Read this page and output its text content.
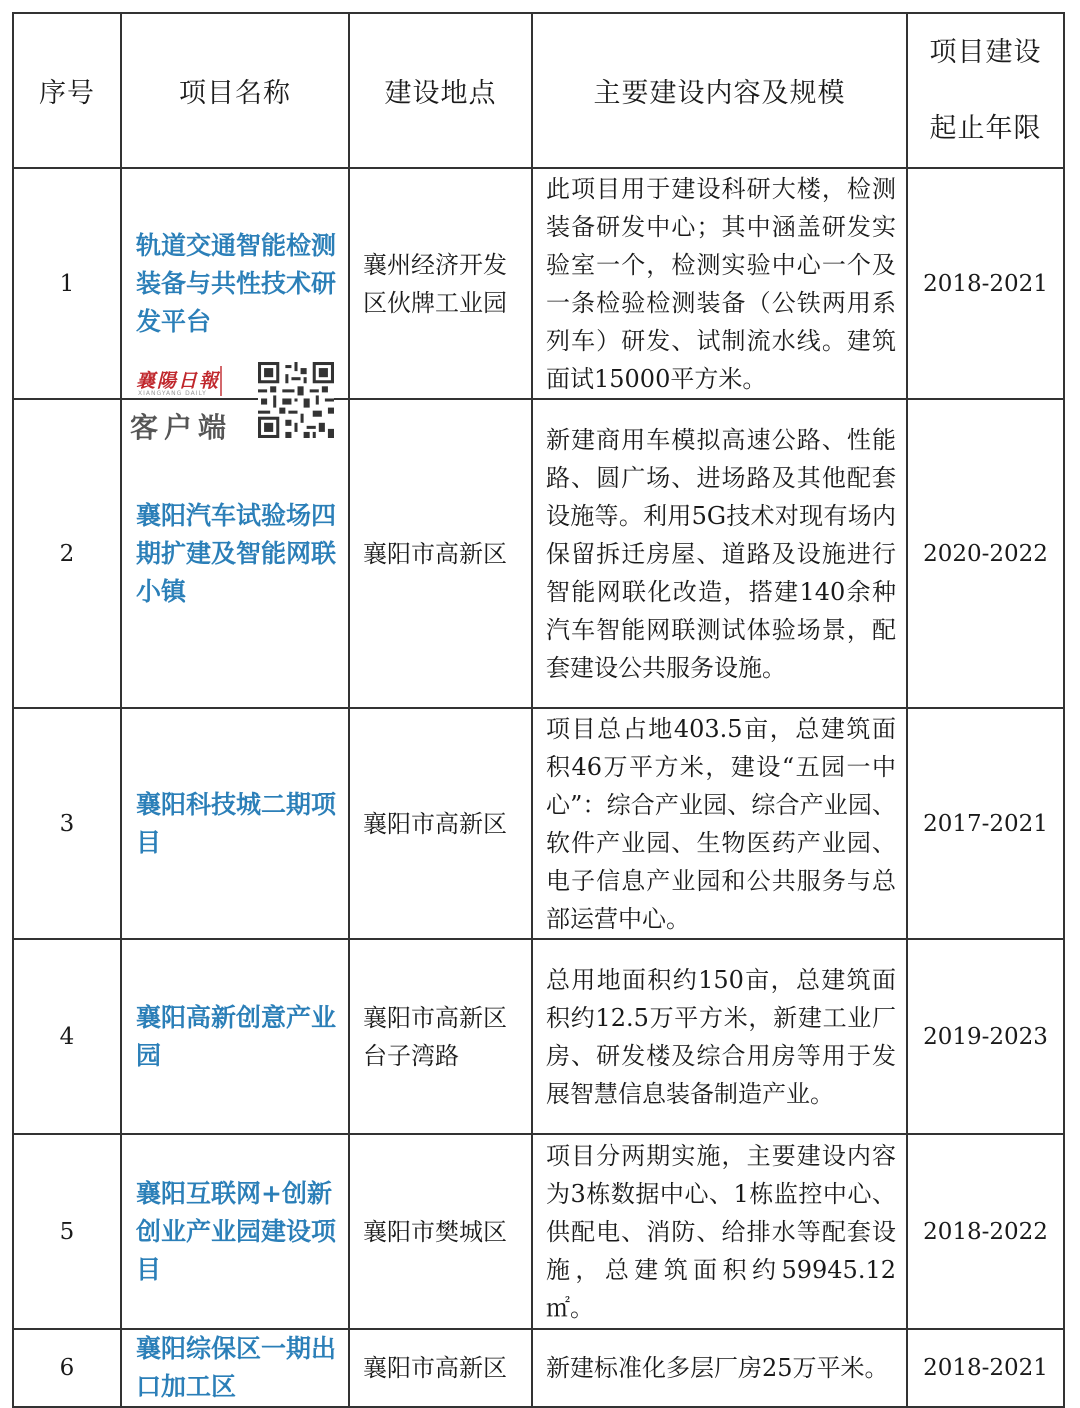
序号	项目名称	建设地点	主要建设内容及规模	项目建设
起止年限
1	轨道交通智能检测装备与共性技术研发平台	襄州经济开发区伙牌工业园	此项目用于建设科研大楼，检测装备研发中心；其中涵盖研发实验室一个，检测实验中心一个及一条检验检测装备（公铁两用系列车）研发、试制流水线。建筑面试15000平方米。	2018-2021
2	襄阳汽车试验场四期扩建及智能网联小镇	襄阳市高新区	新建商用车模拟高速公路、性能路、圆广场、进场路及其他配套设施等。利用5G技术对现有场内保留拆迁房屋、道路及设施进行智能网联化改造，搭建140余种汽车智能网联测试体验场景，配套建设公共服务设施。	2020-2022
3	襄阳科技城二期项目	襄阳市高新区	项目总占地403.5亩，总建筑面积46万平方米，建设“五园一中心”：综合产业园、综合产业园、软件产业园、生物医药产业园、电子信息产业园和公共服务与总部运营中心。	2017-2021
4	襄阳高新创意产业园	襄阳市高新区台子湾路	总用地面积约150亩，总建筑面积约12.5万平方米，新建工业厂房、研发楼及综合用房等用于发展智慧信息装备制造产业。	2019-2023
5	襄阳互联网+创新创业产业园建设项目	襄阳市樊城区	项目分两期实施，主要建设内容为3栋数据中心、1栋监控中心、供配电、消防、给排水等配套设施，总建筑面积约59945.12㎡。	2018-2022
6	襄阳综保区一期出口加工区	襄阳市高新区	新建标准化多层厂房25万平米。	2018-2021
襄陽日報
XIANGYANG DAILY
客户端
